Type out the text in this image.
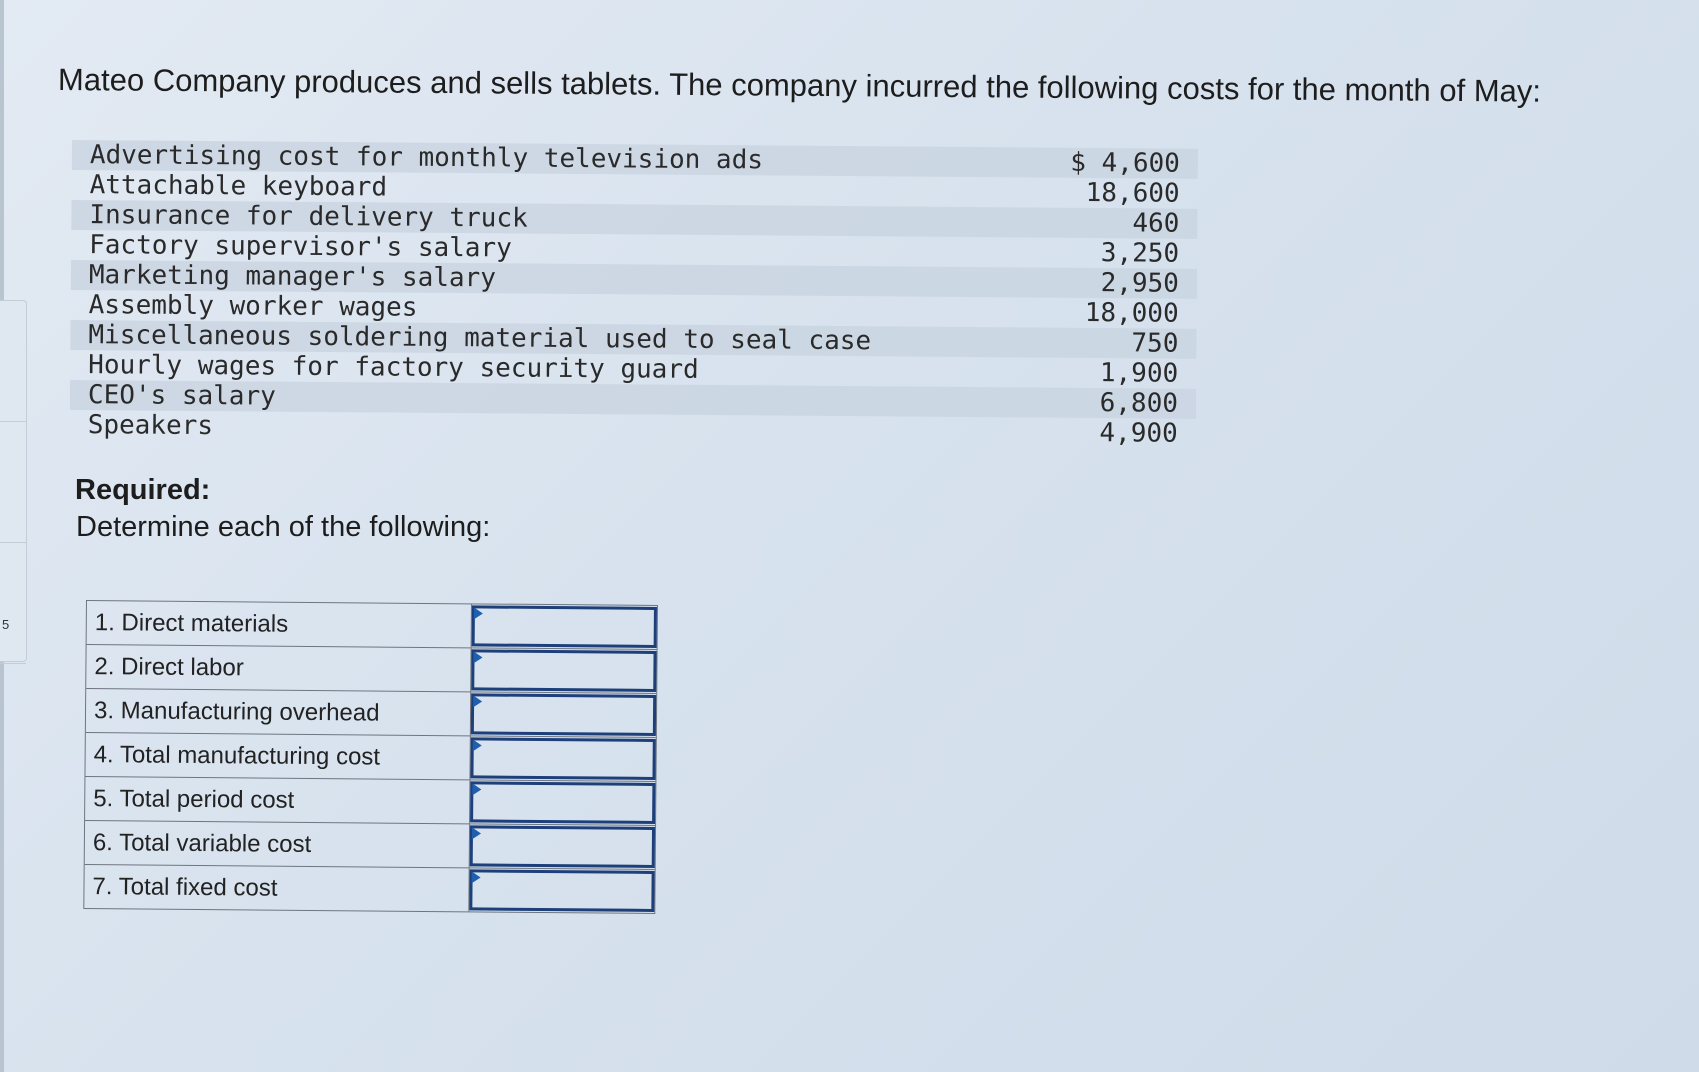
5
Mateo Company produces and sells tablets. The company incurred the following costs for the month of May:
Advertising cost for monthly television ads	$ 4,600
Attachable keyboard	18,600
Insurance for delivery truck	460
Factory supervisor's salary	3,250
Marketing manager's salary	2,950
Assembly worker wages	18,000
Miscellaneous soldering material used to seal case	750
Hourly wages for factory security guard	1,900
CEO's salary	6,800
Speakers	4,900
Required:
Determine each of the following:
1. Direct materials
2. Direct labor
3. Manufacturing overhead
4. Total manufacturing cost
5. Total period cost
6. Total variable cost
7. Total fixed cost
